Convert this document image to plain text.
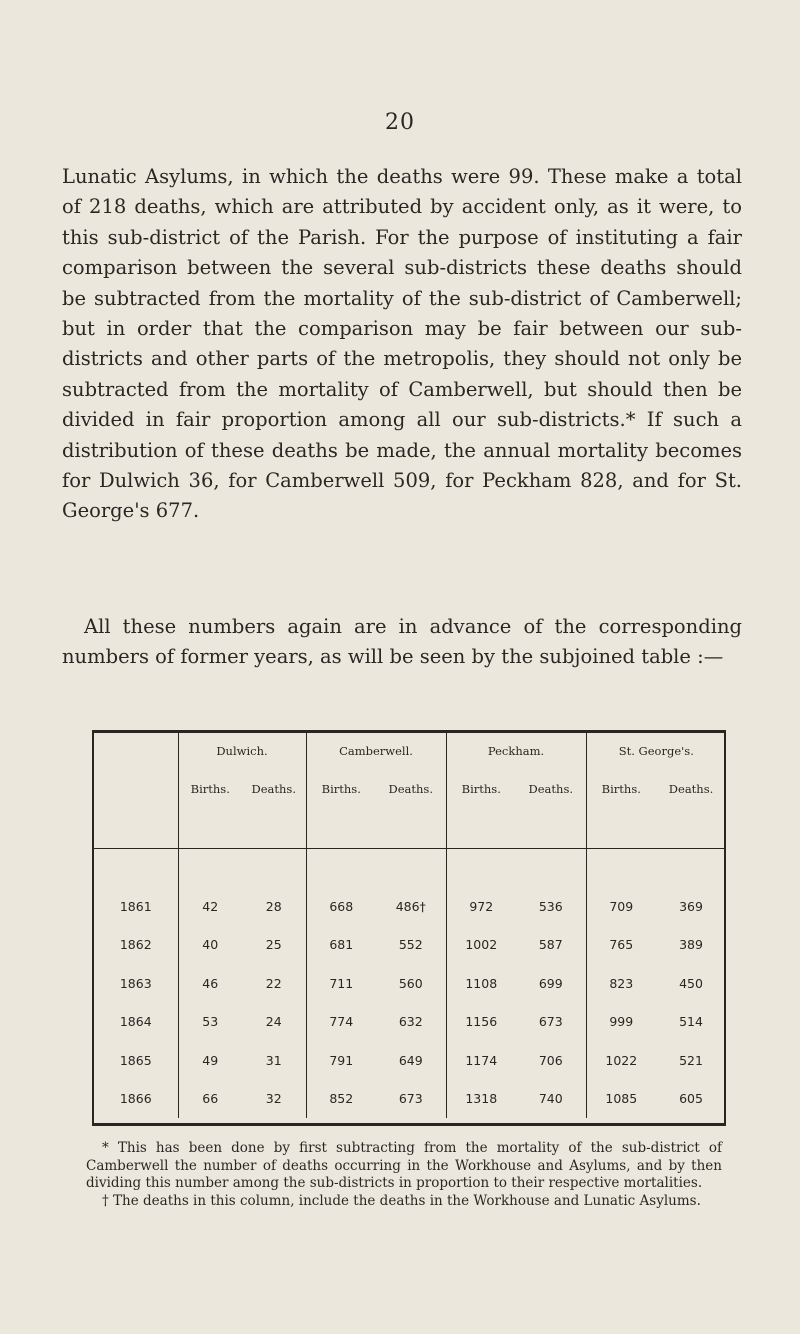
20

Lunatic Asylums, in which the deaths were 99. These make a total of 218 deaths, which are attributed by accident only, as it were, to this sub-district of the Parish. For the purpose of instituting a fair comparison between the several sub-districts these deaths should be subtracted from the mortality of the sub-district of Camberwell; but in order that the comparison may be fair between our sub-districts and other parts of the metropolis, they should not only be subtracted from the mortality of Camberwell, but should then be divided in fair proportion among all our sub-districts.* If such a distribution of these deaths be made, the annual mortality becomes for Dulwich 36, for Camberwell 509, for Peckham 828, and for St. George's 677.

All these numbers again are in advance of the corresponding numbers of former years, as will be seen by the subjoined table :—

	Dulwich.		Camberwell.		Peckham.		St. George's.	
	Births.	Deaths.	Births.	Deaths.	Births.	Deaths.	Births.	Deaths.

1861	42	28	668	486†	972	536	709	369
1862	40	25	681	552	1002	587	765	389
1863	46	22	711	560	1108	699	823	450
1864	53	24	774	632	1156	673	999	514
1865	49	31	791	649	1174	706	1022	521
1866	66	32	852	673	1318	740	1085	605

* This has been done by first subtracting from the mortality of the sub-district of Camberwell the number of deaths occurring in the Workhouse and Asylums, and by then dividing this number among the sub-districts in proportion to their respective mortalities.

† The deaths in this column, include the deaths in the Workhouse and Lunatic Asylums.
